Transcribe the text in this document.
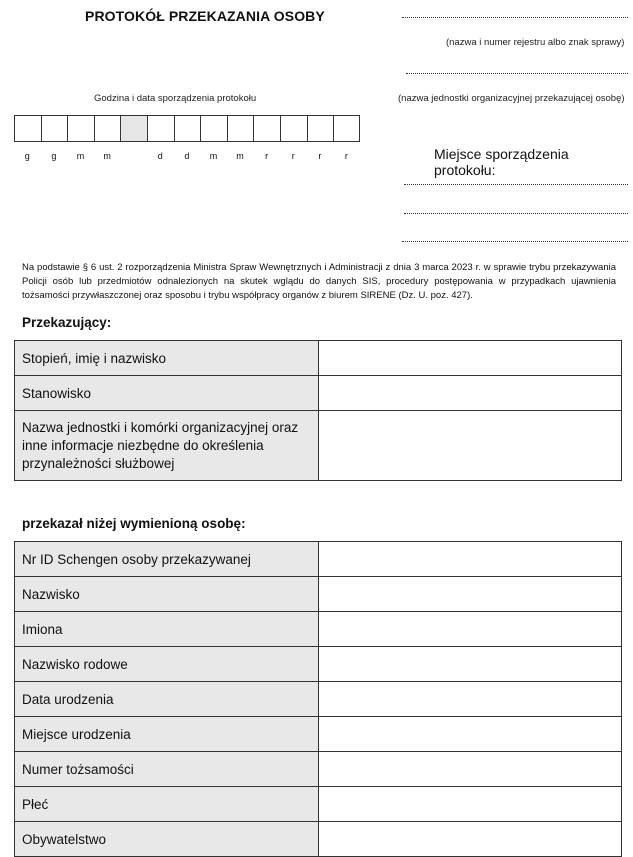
PROTOKÓŁ PRZEKAZANIA OSOBY
(nazwa i numer rejestru albo znak sprawy)
(nazwa jednostki organizacyjnej przekazującej osobę)
Godzina i data sporządzenia protokołu
g	g	m	m	d	d	m	m	r	r	r	r	Miejsce sporządzenia protokołu:
Na podstawie § 6 ust. 2 rozporządzenia Ministra Spraw Wewnętrznych i Administracji z dnia 3 marca 2023 r. w sprawie trybu przekazywania Policji osób lub przedmiotów odnalezionych na skutek wglądu do danych SIS, procedury postępowania w przypadkach ujawnienia tożsamości przywłaszczonej oraz sposobu i trybu współpracy organów z biurem SIRENE (Dz. U. poz. 427).
Przekazujący:
Stopień, imię i nazwisko	
Stanowisko	
Nazwa jednostki i komórki organizacyjnej oraz inne informacje niezbędne do określenia przynależności służbowej	
przekazał niżej wymienioną osobę:
Nr ID Schengen osoby przekazywanej	
Nazwisko	
Imiona	
Nazwisko rodowe	
Data urodzenia	
Miejsce urodzenia	
Numer tożsamości	
Płeć	
Obywatelstwo	
